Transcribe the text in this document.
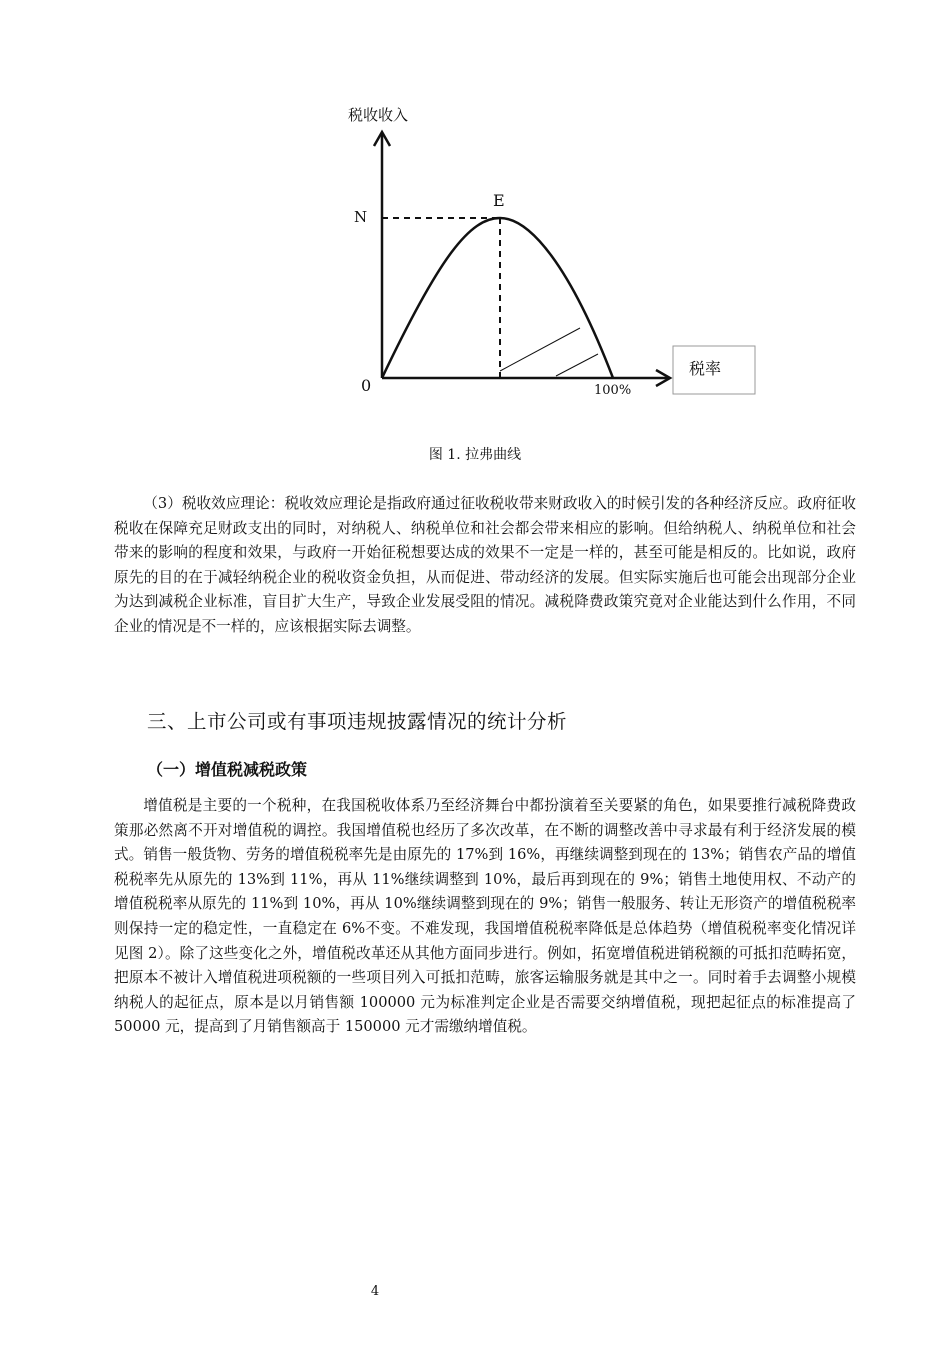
税收收入
N
E
0	100%
税率
图 1. 拉弗曲线

（3）税收效应理论：税收效应理论是指政府通过征收税收带来财政收入的时候引发的各种经济反应。政府征收税收在保障充足财政支出的同时，对纳税人、纳税单位和社会都会带来相应的影响。但给纳税人、纳税单位和社会带来的影响的程度和效果，与政府一开始征税想要达成的效果不一定是一样的，甚至可能是相反的。比如说，政府原先的目的在于减轻纳税企业的税收资金负担，从而促进、带动经济的发展。但实际实施后也可能会出现部分企业为达到减税企业标准，盲目扩大生产，导致企业发展受阻的情况。减税降费政策究竟对企业能达到什么作用，不同企业的情况是不一样的，应该根据实际去调整。

三、上市公司或有事项违规披露情况的统计分析
（一）增值税减税政策

增值税是主要的一个税种，在我国税收体系乃至经济舞台中都扮演着至关要紧的角色，如果要推行减税降费政策那必然离不开对增值税的调控。我国增值税也经历了多次改革，在不断的调整改善中寻求最有利于经济发展的模式。销售一般货物、劳务的增值税税率先是由原先的 17%到 16%，再继续调整到现在的 13%；销售农产品的增值税税率先从原先的 13%到 11%，再从 11%继续调整到 10%，最后再到现在的 9%；销售土地使用权、不动产的增值税税率从原先的 11%到 10%，再从 10%继续调整到现在的 9%；销售一般服务、转让无形资产的增值税税率则保持一定的稳定性，一直稳定在 6%不变。不难发现，我国增值税税率降低是总体趋势（增值税税率变化情况详见图 2）。除了这些变化之外，增值税改革还从其他方面同步进行。例如，拓宽增值税进销税额的可抵扣范畴拓宽，把原本不被计入增值税进项税额的一些项目列入可抵扣范畴，旅客运输服务就是其中之一。同时着手去调整小规模纳税人的起征点，原本是以月销售额 100000 元为标准判定企业是否需要交纳增值税，现把起征点的标准提高了 50000 元，提高到了月销售额高于 150000 元才需缴纳增值税。

4
